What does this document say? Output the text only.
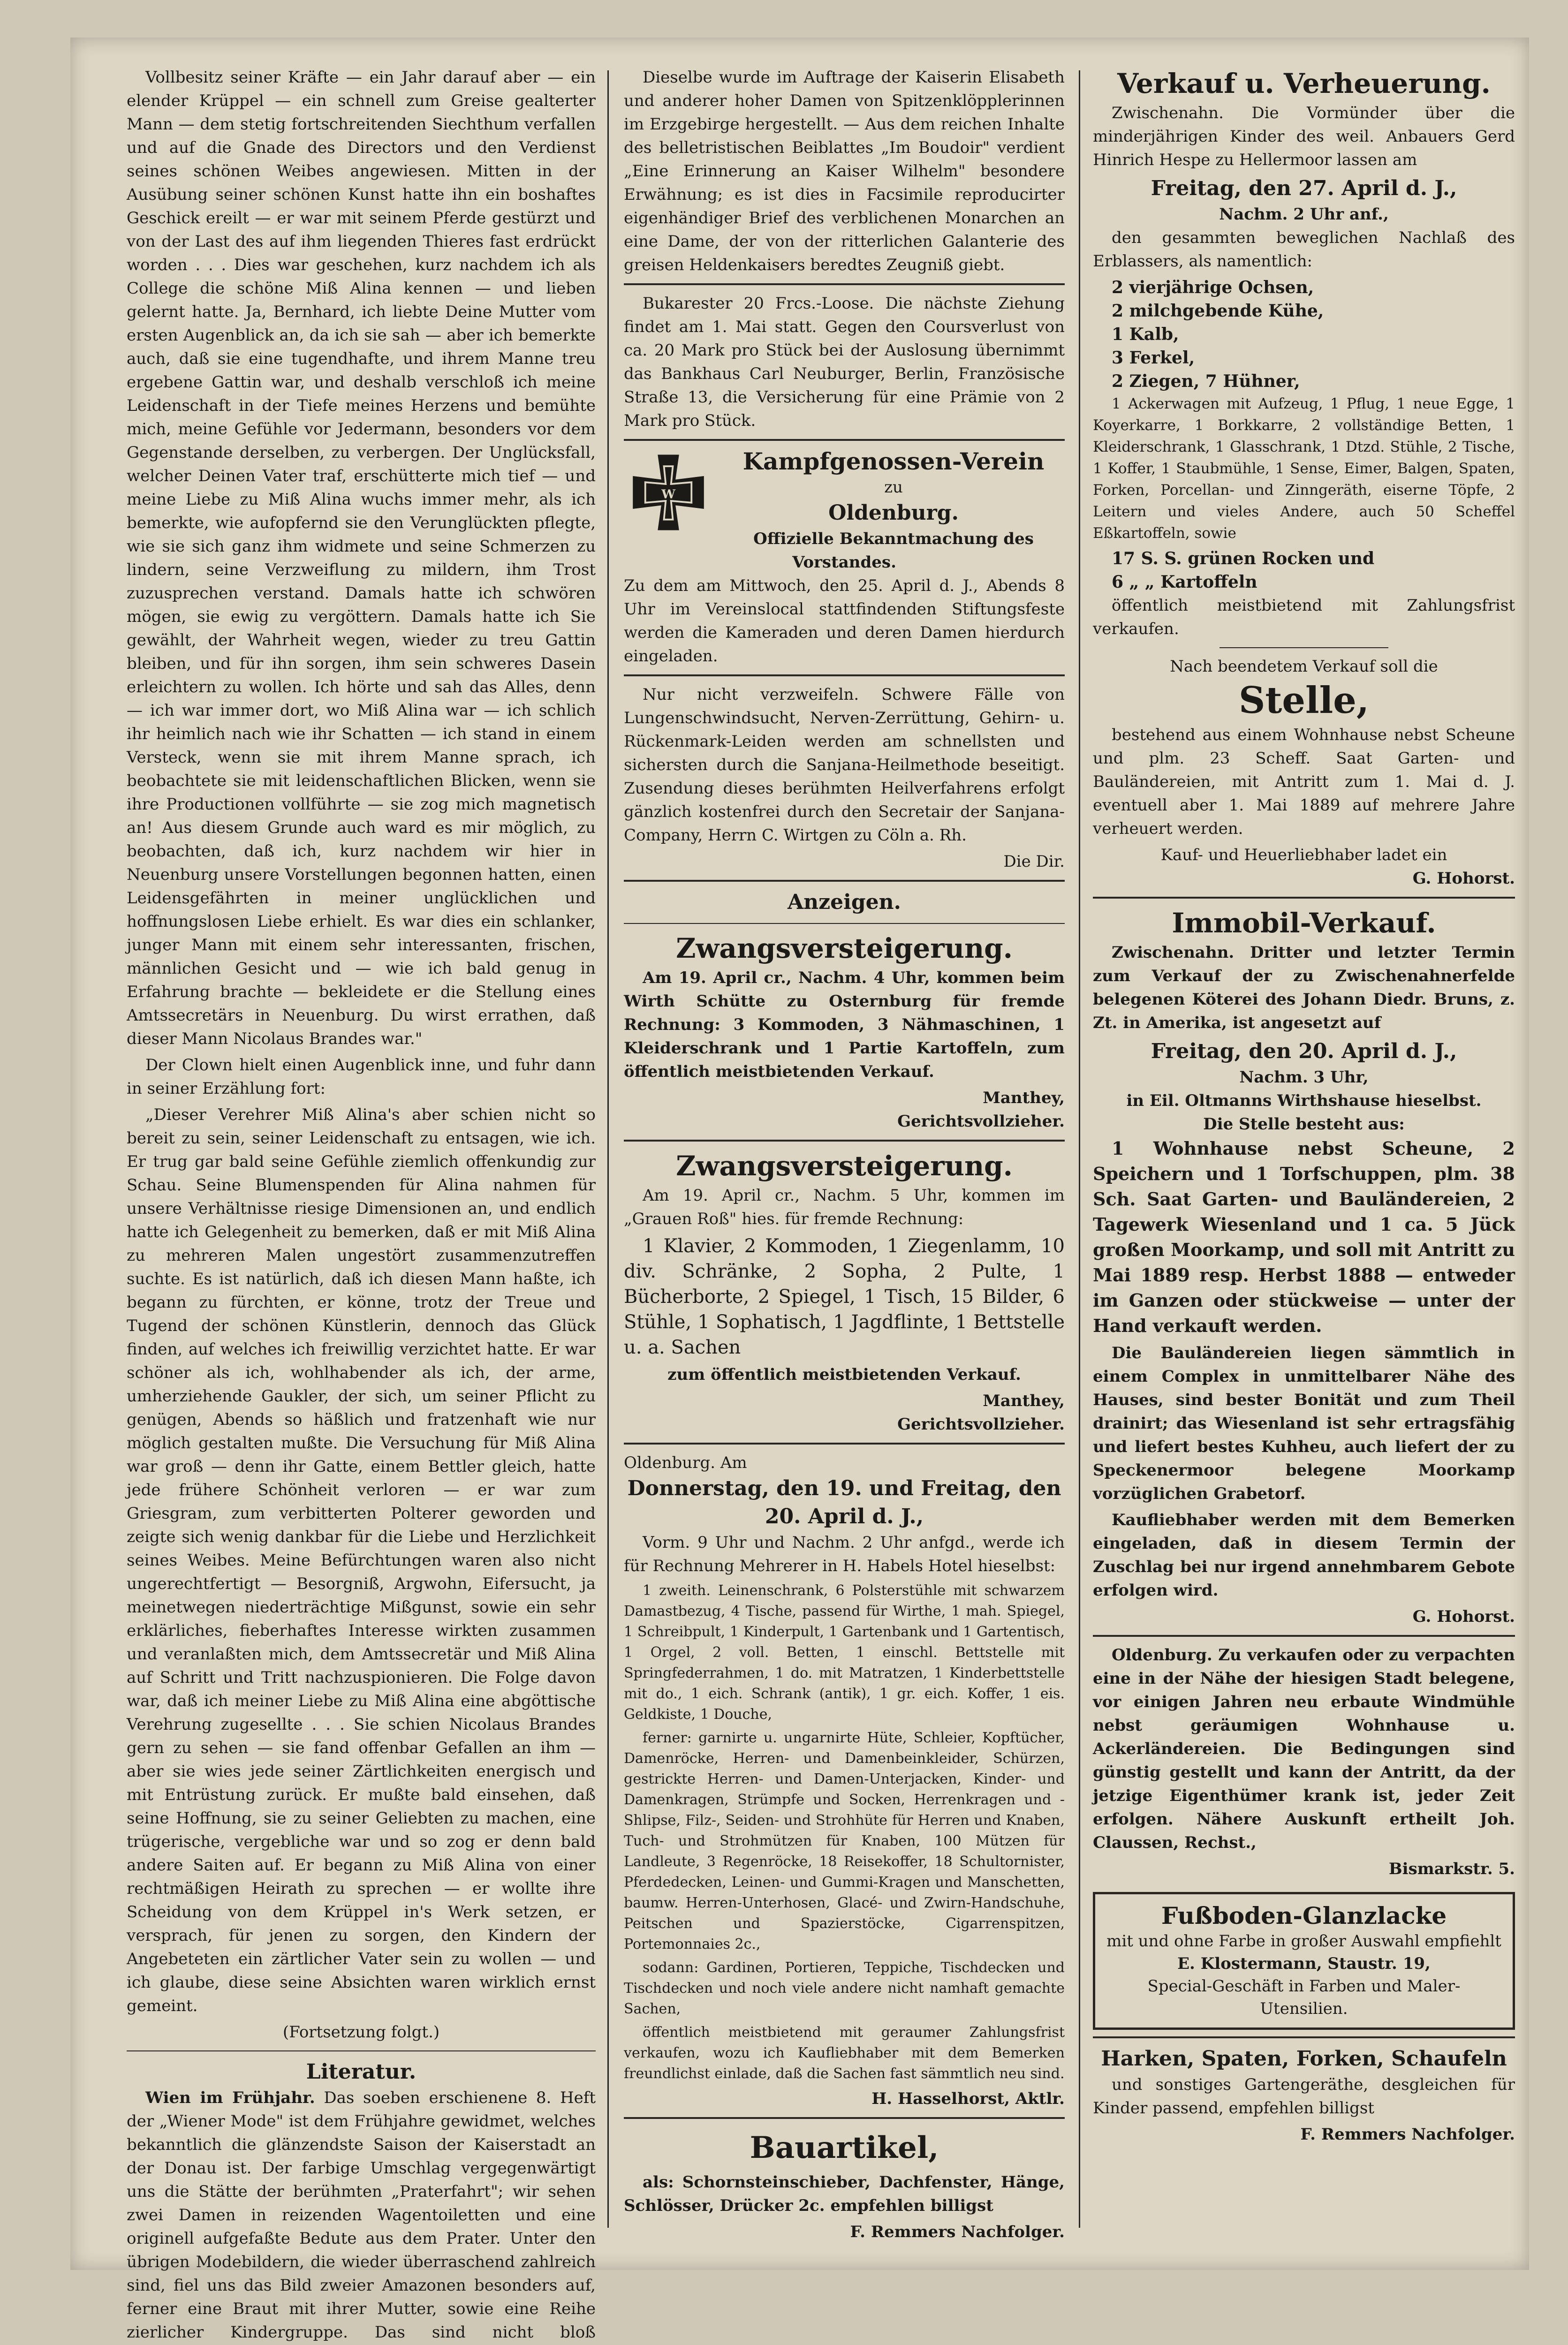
Vollbesitz seiner Kräfte — ein Jahr darauf aber — ein elender Krüppel — ein schnell zum Greise gealterter Mann — dem stetig fortschreitenden Siechthum verfallen und auf die Gnade des Directors und den Verdienst seines schönen Weibes angewiesen. Mitten in der Ausübung seiner schönen Kunst hatte ihn ein boshaftes Geschick ereilt — er war mit seinem Pferde gestürzt und von der Last des auf ihm liegenden Thieres fast erdrückt worden . . . Dies war geschehen, kurz nachdem ich als College die schöne Miß Alina kennen — und lieben gelernt hatte. Ja, Bernhard, ich liebte Deine Mutter vom ersten Augenblick an, da ich sie sah — aber ich bemerkte auch, daß sie eine tugendhafte, und ihrem Manne treu ergebene Gattin war, und deshalb verschloß ich meine Leidenschaft in der Tiefe meines Herzens und bemühte mich, meine Gefühle vor Jedermann, besonders vor dem Gegenstande derselben, zu verbergen. Der Unglücksfall, welcher Deinen Vater traf, erschütterte mich tief — und meine Liebe zu Miß Alina wuchs immer mehr, als ich bemerkte, wie aufopfernd sie den Verunglückten pflegte, wie sie sich ganz ihm widmete und seine Schmerzen zu lindern, seine Verzweiflung zu mildern, ihm Trost zuzusprechen verstand. Damals hatte ich schwören mögen, sie ewig zu vergöttern. Damals hatte ich Sie gewählt, der Wahrheit wegen, wieder zu treu Gattin bleiben, und für ihn sorgen, ihm sein schweres Dasein erleichtern zu wollen. Ich hörte und sah das Alles, denn — ich war immer dort, wo Miß Alina war — ich schlich ihr heimlich nach wie ihr Schatten — ich stand in einem Versteck, wenn sie mit ihrem Manne sprach, ich beobachtete sie mit leidenschaftlichen Blicken, wenn sie ihre Productionen vollführte — sie zog mich magnetisch an! Aus diesem Grunde auch ward es mir möglich, zu beobachten, daß ich, kurz nachdem wir hier in Neuenburg unsere Vorstellungen begonnen hatten, einen Leidensgefährten in meiner unglücklichen und hoffnungslosen Liebe erhielt. Es war dies ein schlanker, junger Mann mit einem sehr interessanten, frischen, männlichen Gesicht und — wie ich bald genug in Erfahrung brachte — bekleidete er die Stellung eines Amtssecretärs in Neuenburg. Du wirst errathen, daß dieser Mann Nicolaus Brandes war."

Der Clown hielt einen Augenblick inne, und fuhr dann in seiner Erzählung fort:

„Dieser Verehrer Miß Alina's aber schien nicht so bereit zu sein, seiner Leidenschaft zu entsagen, wie ich. Er trug gar bald seine Gefühle ziemlich offenkundig zur Schau. Seine Blumenspenden für Alina nahmen für unsere Verhältnisse riesige Dimensionen an, und endlich hatte ich Gelegenheit zu bemerken, daß er mit Miß Alina zu mehreren Malen ungestört zusammenzutreffen suchte. Es ist natürlich, daß ich diesen Mann haßte, ich begann zu fürchten, er könne, trotz der Treue und Tugend der schönen Künstlerin, dennoch das Glück finden, auf welches ich freiwillig verzichtet hatte. Er war schöner als ich, wohlhabender als ich, der arme, umherziehende Gaukler, der sich, um seiner Pflicht zu genügen, Abends so häßlich und fratzenhaft wie nur möglich gestalten mußte. Die Versuchung für Miß Alina war groß — denn ihr Gatte, einem Bettler gleich, hatte jede frühere Schönheit verloren — er war zum Griesgram, zum verbitterten Polterer geworden und zeigte sich wenig dankbar für die Liebe und Herzlichkeit seines Weibes. Meine Befürchtungen waren also nicht ungerechtfertigt — Besorgniß, Argwohn, Eifersucht, ja meinetwegen niederträchtige Mißgunst, sowie ein sehr erklärliches, fieberhaftes Interesse wirkten zusammen und veranlaßten mich, dem Amtssecretär und Miß Alina auf Schritt und Tritt nachzuspionieren. Die Folge davon war, daß ich meiner Liebe zu Miß Alina eine abgöttische Verehrung zugesellte . . . Sie schien Nicolaus Brandes gern zu sehen — sie fand offenbar Gefallen an ihm — aber sie wies jede seiner Zärtlichkeiten energisch und mit Entrüstung zurück. Er mußte bald einsehen, daß seine Hoffnung, sie zu seiner Geliebten zu machen, eine trügerische, vergebliche war und so zog er denn bald andere Saiten auf. Er begann zu Miß Alina von einer rechtmäßigen Heirath zu sprechen — er wollte ihre Scheidung von dem Krüppel in's Werk setzen, er versprach, für jenen zu sorgen, den Kindern der Angebeteten ein zärtlicher Vater sein zu wollen — und ich glaube, diese seine Absichten waren wirklich ernst gemeint.

(Fortsetzung folgt.)

Literatur.

Wien im Frühjahr. Das soeben erschienene 8. Heft der „Wiener Mode" ist dem Frühjahre gewidmet, welches bekanntlich die glänzendste Saison der Kaiserstadt an der Donau ist. Der farbige Umschlag vergegenwärtigt uns die Stätte der berühmten „Praterfahrt"; wir sehen zwei Damen in reizenden Wagentoiletten und eine originell aufgefaßte Bedute aus dem Prater. Unter den übrigen Modebildern, die wieder überraschend zahlreich sind, fiel uns das Bild zweier Amazonen besonders auf, ferner eine Braut mit ihrer Mutter, sowie eine Reihe zierlicher Kindergruppe. Das sind nicht bloß

Dieselbe wurde im Auftrage der Kaiserin Elisabeth und anderer hoher Damen von Spitzenklöpplerinnen im Erzgebirge hergestellt. — Aus dem reichen Inhalte des belletristischen Beiblattes „Im Boudoir" verdient „Eine Erinnerung an Kaiser Wilhelm" besondere Erwähnung; es ist dies in Facsimile reproducirter eigenhändiger Brief des verblichenen Monarchen an eine Dame, der von der ritterlichen Galanterie des greisen Heldenkaisers beredtes Zeugniß giebt.

Bukarester 20 Frcs.-Loose. Die nächste Ziehung findet am 1. Mai statt. Gegen den Coursverlust von ca. 20 Mark pro Stück bei der Auslosung übernimmt das Bankhaus Carl Neuburger, Berlin, Französische Straße 13, die Versicherung für eine Prämie von 2 Mark pro Stück.

W
Kampfgenossen-Verein
zu
Oldenburg.
Offizielle Bekanntmachung des Vorstandes.

Zu dem am Mittwoch, den 25. April d. J., Abends 8 Uhr im Vereinslocal stattfindenden Stiftungsfeste werden die Kameraden und deren Damen hierdurch eingeladen.

Nur nicht verzweifeln. Schwere Fälle von Lungenschwindsucht, Nerven-Zerrüttung, Gehirn- u. Rückenmark-Leiden werden am schnellsten und sichersten durch die Sanjana-Heilmethode beseitigt. Zusendung dieses berühmten Heilverfahrens erfolgt gänzlich kostenfrei durch den Secretair der Sanjana-Company, Herrn C. Wirtgen zu Cöln a. Rh.

Die Dir.
Anzeigen.
Zwangsversteigerung.

Am 19. April cr., Nachm. 4 Uhr, kommen beim Wirth Schütte zu Osternburg für fremde Rechnung: 3 Kommoden, 3 Nähmaschinen, 1 Kleiderschrank und 1 Partie Kartoffeln, zum öffentlich meistbietenden Verkauf.

Manthey,
Gerichtsvollzieher.
Zwangsversteigerung.

Am 19. April cr., Nachm. 5 Uhr, kommen im „Grauen Roß" hies. für fremde Rechnung:

1 Klavier, 2 Kommoden, 1 Ziegenlamm, 10 div. Schränke, 2 Sopha, 2 Pulte, 1 Bücherborte, 2 Spiegel, 1 Tisch, 15 Bilder, 6 Stühle, 1 Sophatisch, 1 Jagdflinte, 1 Bettstelle u. a. Sachen

zum öffentlich meistbietenden Verkauf.

Manthey,
Gerichtsvollzieher.
Oldenburg. Am
Donnerstag, den 19. und Freitag, den 20. April d. J.,

Vorm. 9 Uhr und Nachm. 2 Uhr anfgd., werde ich für Rechnung Mehrerer in H. Habels Hotel hieselbst:

1 zweith. Leinenschrank, 6 Polsterstühle mit schwarzem Damastbezug, 4 Tische, passend für Wirthe, 1 mah. Spiegel, 1 Schreibpult, 1 Kinderpult, 1 Gartenbank und 1 Gartentisch, 1 Orgel, 2 voll. Betten, 1 einschl. Bettstelle mit Springfederrahmen, 1 do. mit Matratzen, 1 Kinderbettstelle mit do., 1 eich. Schrank (antik), 1 gr. eich. Koffer, 1 eis. Geldkiste, 1 Douche,

ferner: garnirte u. ungarnirte Hüte, Schleier, Kopftücher, Damenröcke, Herren- und Damenbeinkleider, Schürzen, gestrickte Herren- und Damen-Unterjacken, Kinder- und Damenkragen, Strümpfe und Socken, Herrenkragen und -Shlipse, Filz-, Seiden- und Strohhüte für Herren und Knaben, Tuch- und Strohmützen für Knaben, 100 Mützen für Landleute, 3 Regenröcke, 18 Reisekoffer, 18 Schultornister, Pferdedecken, Leinen- und Gummi-Kragen und Manschetten, baumw. Herren-Unterhosen, Glacé- und Zwirn-Handschuhe, Peitschen und Spazierstöcke, Cigarrenspitzen, Portemonnaies 2c.,

sodann: Gardinen, Portieren, Teppiche, Tischdecken und Tischdecken und noch viele andere nicht namhaft gemachte Sachen,

öffentlich meistbietend mit geraumer Zahlungsfrist verkaufen, wozu ich Kaufliebhaber mit dem Bemerken freundlichst einlade, daß die Sachen fast sämmtlich neu sind.

H. Hasselhorst, Aktlr.
Bauartikel,

als: Schornsteinschieber, Dachfenster, Hänge, Schlösser, Drücker 2c. empfehlen billigst

F. Remmers Nachfolger.
Verkauf u. Verheuerung.

Zwischenahn. Die Vormünder über die minderjährigen Kinder des weil. Anbauers Gerd Hinrich Hespe zu Hellermoor lassen am

Freitag, den 27. April d. J.,
Nachm. 2 Uhr anf.,

den gesammten beweglichen Nachlaß des Erblassers, als namentlich:

2 vierjährige Ochsen,
2 milchgebende Kühe,
1 Kalb,
3 Ferkel,
2 Ziegen, 7 Hühner,

1 Ackerwagen mit Aufzeug, 1 Pflug, 1 neue Egge, 1 Koyerkarre, 1 Borkkarre, 2 vollständige Betten, 1 Kleiderschrank, 1 Glasschrank, 1 Dtzd. Stühle, 2 Tische, 1 Koffer, 1 Staubmühle, 1 Sense, Eimer, Balgen, Spaten, Forken, Porcellan- und Zinngeräth, eiserne Töpfe, 2 Leitern und vieles Andere, auch 50 Scheffel Eßkartoffeln, sowie

17 S. S. grünen Rocken und
6 „ „ Kartoffeln

öffentlich meistbietend mit Zahlungsfrist verkaufen.

Nach beendetem Verkauf soll die
Stelle,

bestehend aus einem Wohnhause nebst Scheune und plm. 23 Scheff. Saat Garten- und Bauländereien, mit Antritt zum 1. Mai d. J. eventuell aber 1. Mai 1889 auf mehrere Jahre verheuert werden.

Kauf- und Heuerliebhaber ladet ein
G. Hohorst.
Immobil-Verkauf.

Zwischenahn. Dritter und letzter Termin zum Verkauf der zu Zwischenahnerfelde belegenen Köterei des Johann Diedr. Bruns, z. Zt. in Amerika, ist angesetzt auf

Freitag, den 20. April d. J.,
Nachm. 3 Uhr,
in Eil. Oltmanns Wirthshause hieselbst.
Die Stelle besteht aus:

1 Wohnhause nebst Scheune, 2 Speichern und 1 Torfschuppen, plm. 38 Sch. Saat Garten- und Bauländereien, 2 Tagewerk Wiesenland und 1 ca. 5 Jück großen Moorkamp, und soll mit Antritt zu Mai 1889 resp. Herbst 1888 — entweder im Ganzen oder stückweise — unter der Hand verkauft werden.

Die Bauländereien liegen sämmtlich in einem Complex in unmittelbarer Nähe des Hauses, sind bester Bonität und zum Theil drainirt; das Wiesenland ist sehr ertragsfähig und liefert bestes Kuhheu, auch liefert der zu Speckenermoor belegene Moorkamp vorzüglichen Grabetorf.

Kaufliebhaber werden mit dem Bemerken eingeladen, daß in diesem Termin der Zuschlag bei nur irgend annehmbarem Gebote erfolgen wird.

G. Hohorst.

Oldenburg. Zu verkaufen oder zu verpachten eine in der Nähe der hiesigen Stadt belegene, vor einigen Jahren neu erbaute Windmühle nebst geräumigen Wohnhause u. Ackerländereien. Die Bedingungen sind günstig gestellt und kann der Antritt, da der jetzige Eigenthümer krank ist, jeder Zeit erfolgen. Nähere Auskunft ertheilt Joh. Claussen, Rechst.,

Bismarkstr. 5.
Fußboden-Glanzlacke
mit und ohne Farbe in großer Auswahl empfiehlt
E. Klostermann, Staustr. 19,
Special-Geschäft in Farben und Maler-Utensilien.
Harken, Spaten, Forken, Schaufeln

und sonstiges Gartengeräthe, desgleichen für Kinder passend, empfehlen billigst

F. Remmers Nachfolger.
